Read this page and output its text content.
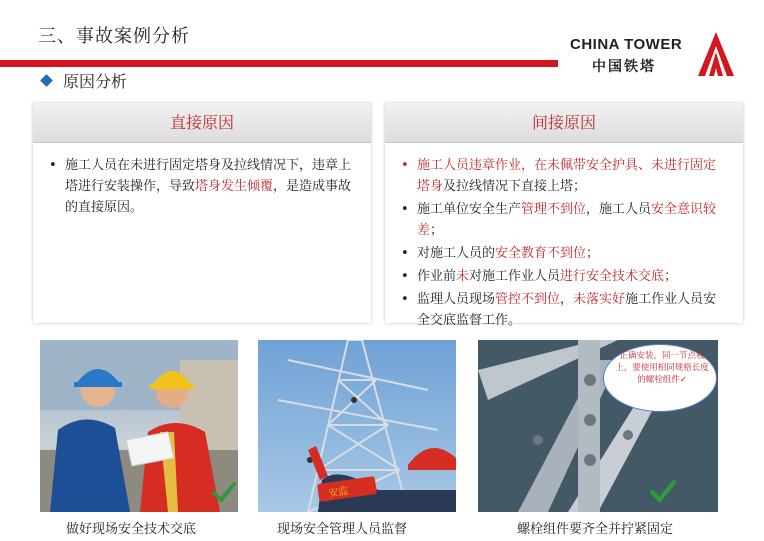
三、事故案例分析	CHINA TOWER
中国铁塔
原因分析
直接原因
• 施工人员在未进行固定塔身及拉线情况下，违章上塔进行安装操作，导致塔身发生倾覆，是造成事故的直接原因。
间接原因
• 施工人员违章作业，在未佩带安全护具、未进行固定塔身及拉线情况下直接上塔；
• 施工单位安全生产管理不到位，施工人员安全意识较差；
• 对施工人员的安全教育不到位；
• 作业前未对施工作业人员进行安全技术交底；
• 监理人员现场管控不到位，未落实好施工作业人员安全交底监督工作。
安监
正确安装，同一节点板上，要使用相同规格长度的螺栓组件✓
做好现场安全技术交底	现场安全管理人员监督	螺栓组件要齐全并拧紧固定
